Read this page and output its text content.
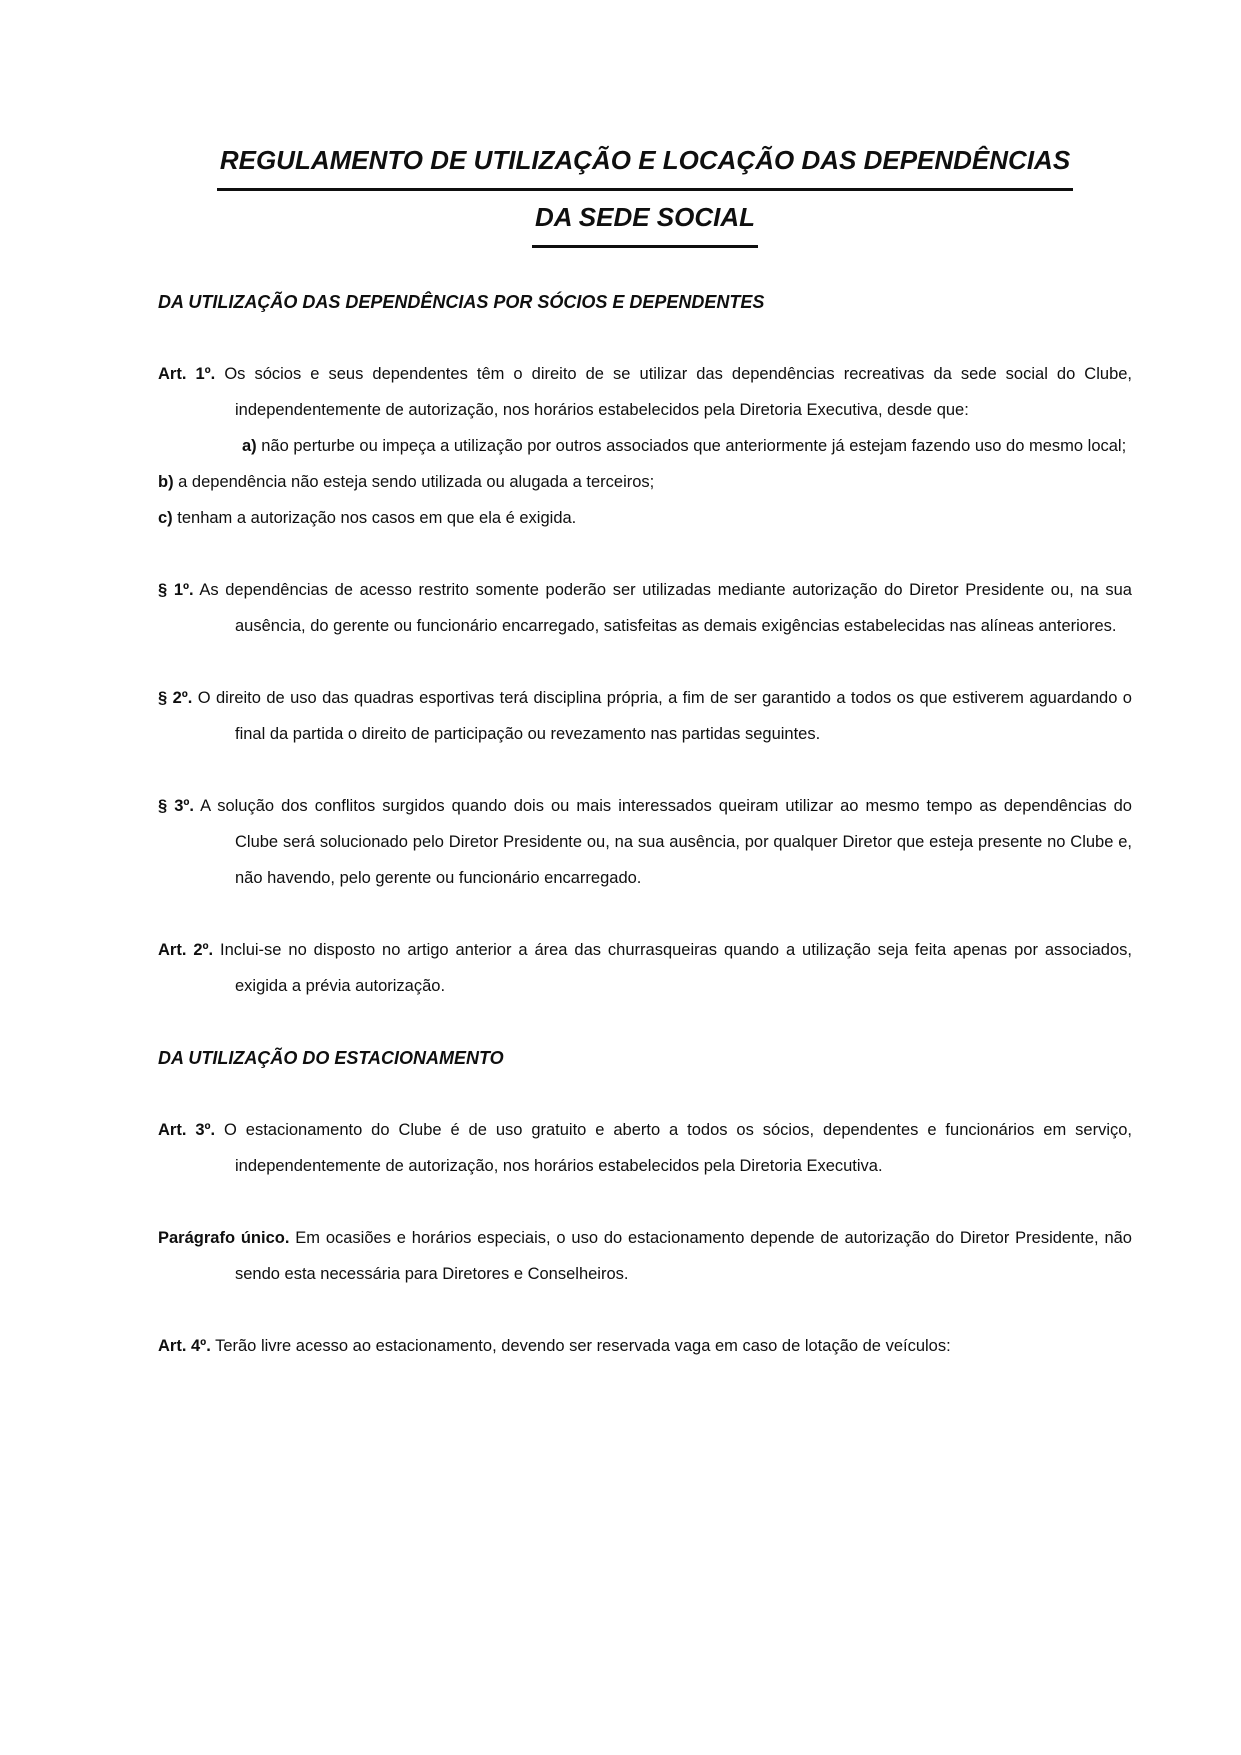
REGULAMENTO DE UTILIZAÇÃO E LOCAÇÃO DAS DEPENDÊNCIAS
DA SEDE SOCIAL
DA UTILIZAÇÃO DAS DEPENDÊNCIAS POR SÓCIOS E DEPENDENTES

Art. 1º. Os sócios e seus dependentes têm o direito de se utilizar das dependências recreativas da sede social do Clube, independentemente de autorização, nos horários estabelecidos pela Diretoria Executiva, desde que:

a) não perturbe ou impeça a utilização por outros associados que anteriormente já estejam fazendo uso do mesmo local;

b) a dependência não esteja sendo utilizada ou alugada a terceiros;

c) tenham a autorização nos casos em que ela é exigida.

§ 1º. As dependências de acesso restrito somente poderão ser utilizadas mediante autorização do Diretor Presidente ou, na sua ausência, do gerente ou funcionário encarregado, satisfeitas as demais exigências estabelecidas nas alíneas anteriores.

§ 2º. O direito de uso das quadras esportivas terá disciplina própria, a fim de ser garantido a todos os que estiverem aguardando o final da partida o direito de participação ou revezamento nas partidas seguintes.

§ 3º. A solução dos conflitos surgidos quando dois ou mais interessados queiram utilizar ao mesmo tempo as dependências do Clube será solucionado pelo Diretor Presidente ou, na sua ausência, por qualquer Diretor que esteja presente no Clube e, não havendo, pelo gerente ou funcionário encarregado.

Art. 2º. Inclui-se no disposto no artigo anterior a área das churrasqueiras quando a utilização seja feita apenas por associados, exigida a prévia autorização.

DA UTILIZAÇÃO DO ESTACIONAMENTO

Art. 3º. O estacionamento do Clube é de uso gratuito e aberto a todos os sócios, dependentes e funcionários em serviço, independentemente de autorização, nos horários estabelecidos pela Diretoria Executiva.

Parágrafo único. Em ocasiões e horários especiais, o uso do estacionamento depende de autorização do Diretor Presidente, não sendo esta necessária para Diretores e Conselheiros.

Art. 4º. Terão livre acesso ao estacionamento, devendo ser reservada vaga em caso de lotação de veículos:
